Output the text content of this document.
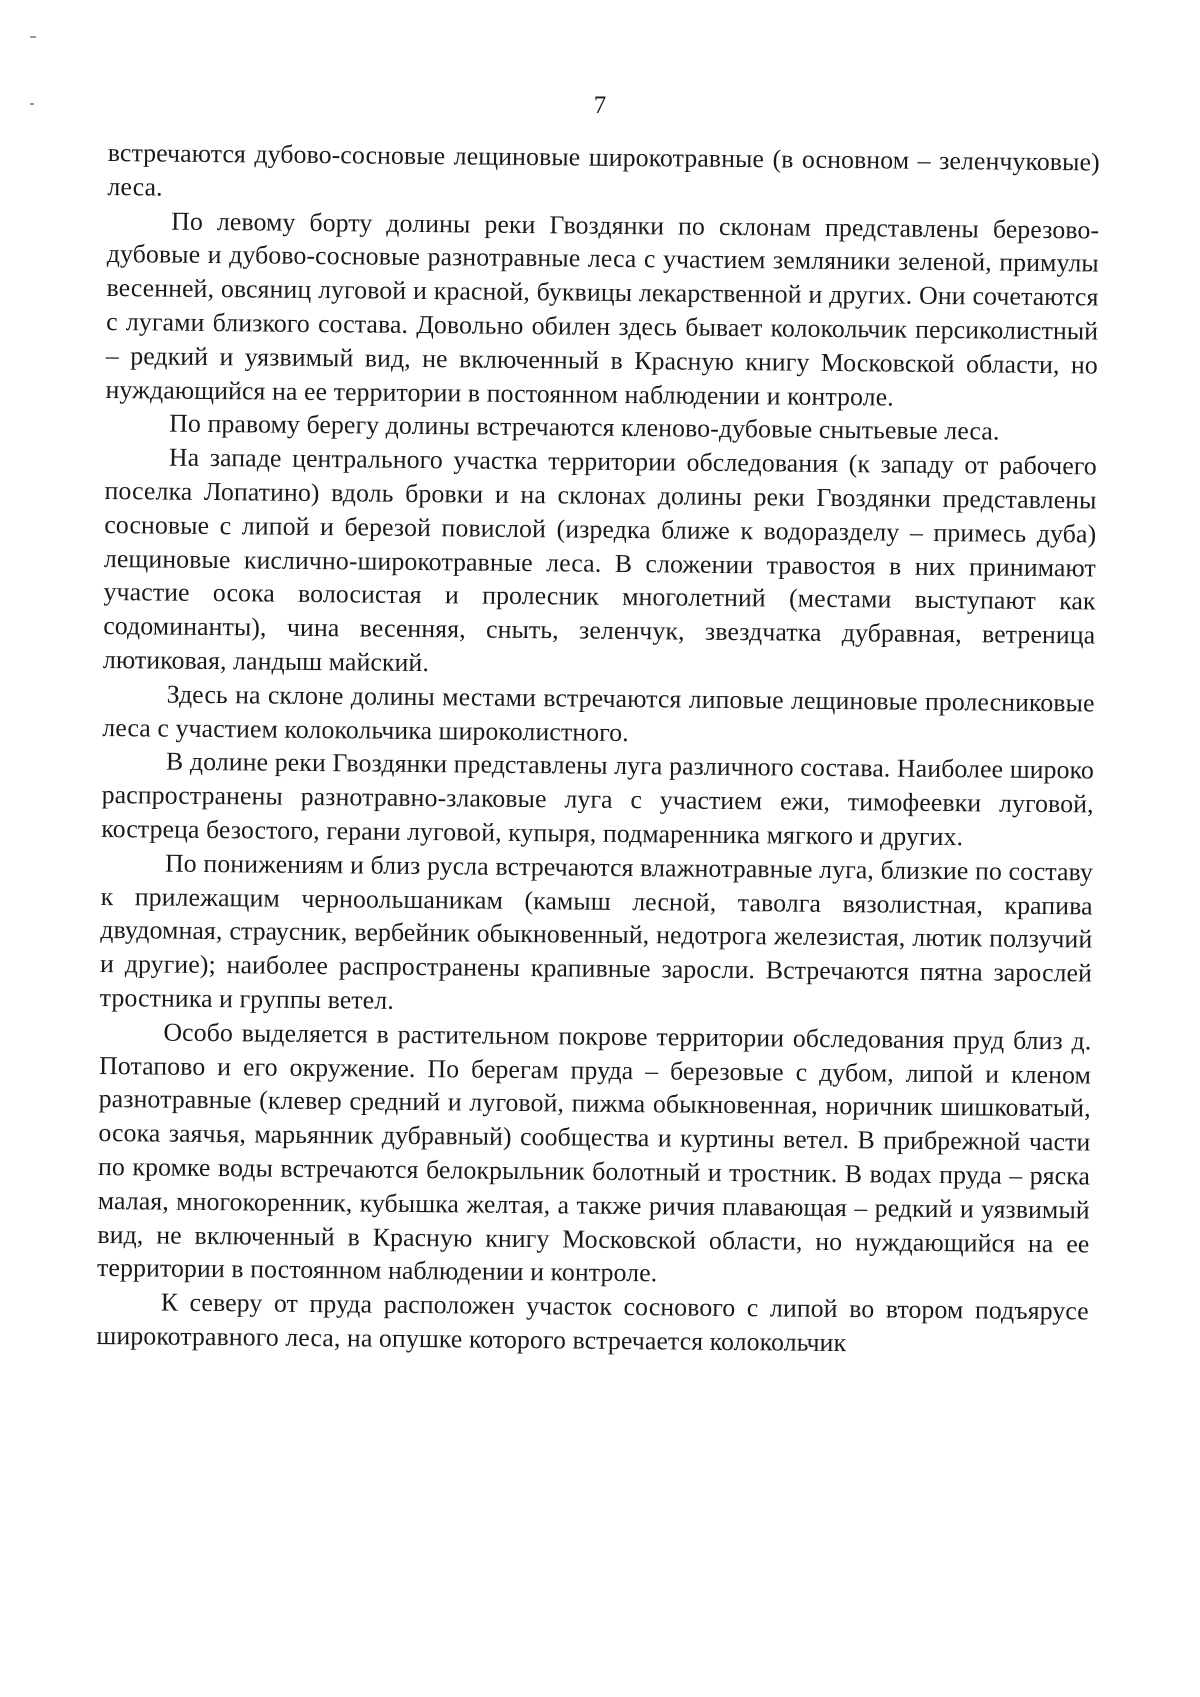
7

встречаются дубово-сосновые лещиновые широкотравные (в основном – зеленчуковые) леса.

По левому борту долины реки Гвоздянки по склонам представлены березово-дубовые и дубово-сосновые разнотравные леса с участием земляники зеленой, примулы весенней, овсяниц луговой и красной, буквицы лекарственной и других. Они сочетаются с лугами близкого состава. Довольно обилен здесь бывает колокольчик персиколистный – редкий и уязвимый вид, не включенный в Красную книгу Московской области, но нуждающийся на ее территории в постоянном наблюдении и контроле.

По правому берегу долины встречаются кленово-дубовые снытьевые леса.

На западе центрального участка территории обследования (к западу от рабочего поселка Лопатино) вдоль бровки и на склонах долины реки Гвоздянки представлены сосновые с липой и березой повислой (изредка ближе к водоразделу – примесь дуба) лещиновые кислично-широкотравные леса. В сложении травостоя в них принимают участие осока волосистая и пролесник многолетний (местами выступают как содоминанты), чина весенняя, сныть, зеленчук, звездчатка дубравная, ветреница лютиковая, ландыш майский.

Здесь на склоне долины местами встречаются липовые лещиновые пролесниковые леса с участием колокольчика широколистного.

В долине реки Гвоздянки представлены луга различного состава. Наиболее широко распространены разнотравно-злаковые луга с участием ежи, тимофеевки луговой, костреца безостого, герани луговой, купыря, подмаренника мягкого и других.

По понижениям и близ русла встречаются влажнотравные луга, близкие по составу к прилежащим черноольшаникам (камыш лесной, таволга вязолистная, крапива двудомная, страусник, вербейник обыкновенный, недотрога железистая, лютик ползучий и другие); наиболее распространены крапивные заросли. Встречаются пятна зарослей тростника и группы ветел.

Особо выделяется в растительном покрове территории обследования пруд близ д. Потапово и его окружение. По берегам пруда – березовые с дубом, липой и кленом разнотравные (клевер средний и луговой, пижма обыкновенная, норичник шишковатый, осока заячья, марьянник дубравный) сообщества и куртины ветел. В прибрежной части по кромке воды встречаются белокрыльник болотный и тростник. В водах пруда – ряска малая, многокоренник, кубышка желтая, а также ричия плавающая – редкий и уязвимый вид, не включенный в Красную книгу Московской области, но нуждающийся на ее территории в постоянном наблюдении и контроле.

К северу от пруда расположен участок соснового с липой во втором подъярусе широкотравного леса, на опушке которого встречается колокольчик
